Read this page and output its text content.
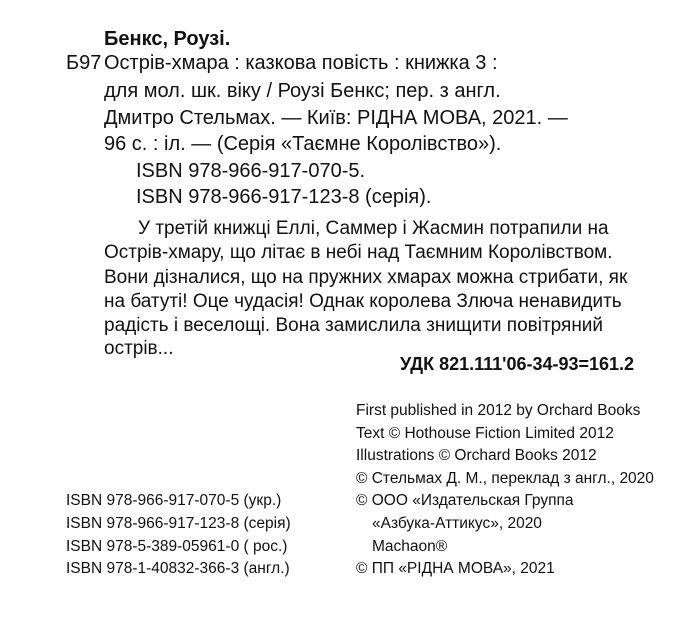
Бенкс, Роузі.
Б97 Острів-хмара : казкова повість : книжка 3 :
для мол. шк. віку / Роузі Бенкс; пер. з англ.
Дмитро Стельмах. — Київ: РІДНА МОВА, 2021. —
96 с. : іл. — (Серія «Таємне Королівство»).
ISBN 978-966-917-070-5.
ISBN 978-966-917-123-8 (серія).
У третій книжці Еллі, Саммер і Жасмин потрапили на
Острів-хмару, що літає в небі над Таємним Королівством.
Вони дізналися, що на пружних хмарах можна стрибати, як
на батуті! Оце чудасія! Однак королева Злюча ненавидить
радість і веселощі. Вона замислила знищити повітряний
острів...
УДК 821.111'06-34-93=161.2
First published in 2012 by Orchard Books
Text © Hothouse Fiction Limited 2012
Illustrations © Orchard Books 2012
© Стельмах Д. М., переклад з англ., 2020
© ООО «Издательская Группа
«Азбука-Аттикус», 2020
Machaon®
© ПП «РІДНА МОВА», 2021
ISBN 978-966-917-070-5 (укр.)
ISBN 978-966-917-123-8 (серія)
ISBN 978-5-389-05961-0 ( рос.)
ISBN 978-1-40832-366-3 (англ.)
